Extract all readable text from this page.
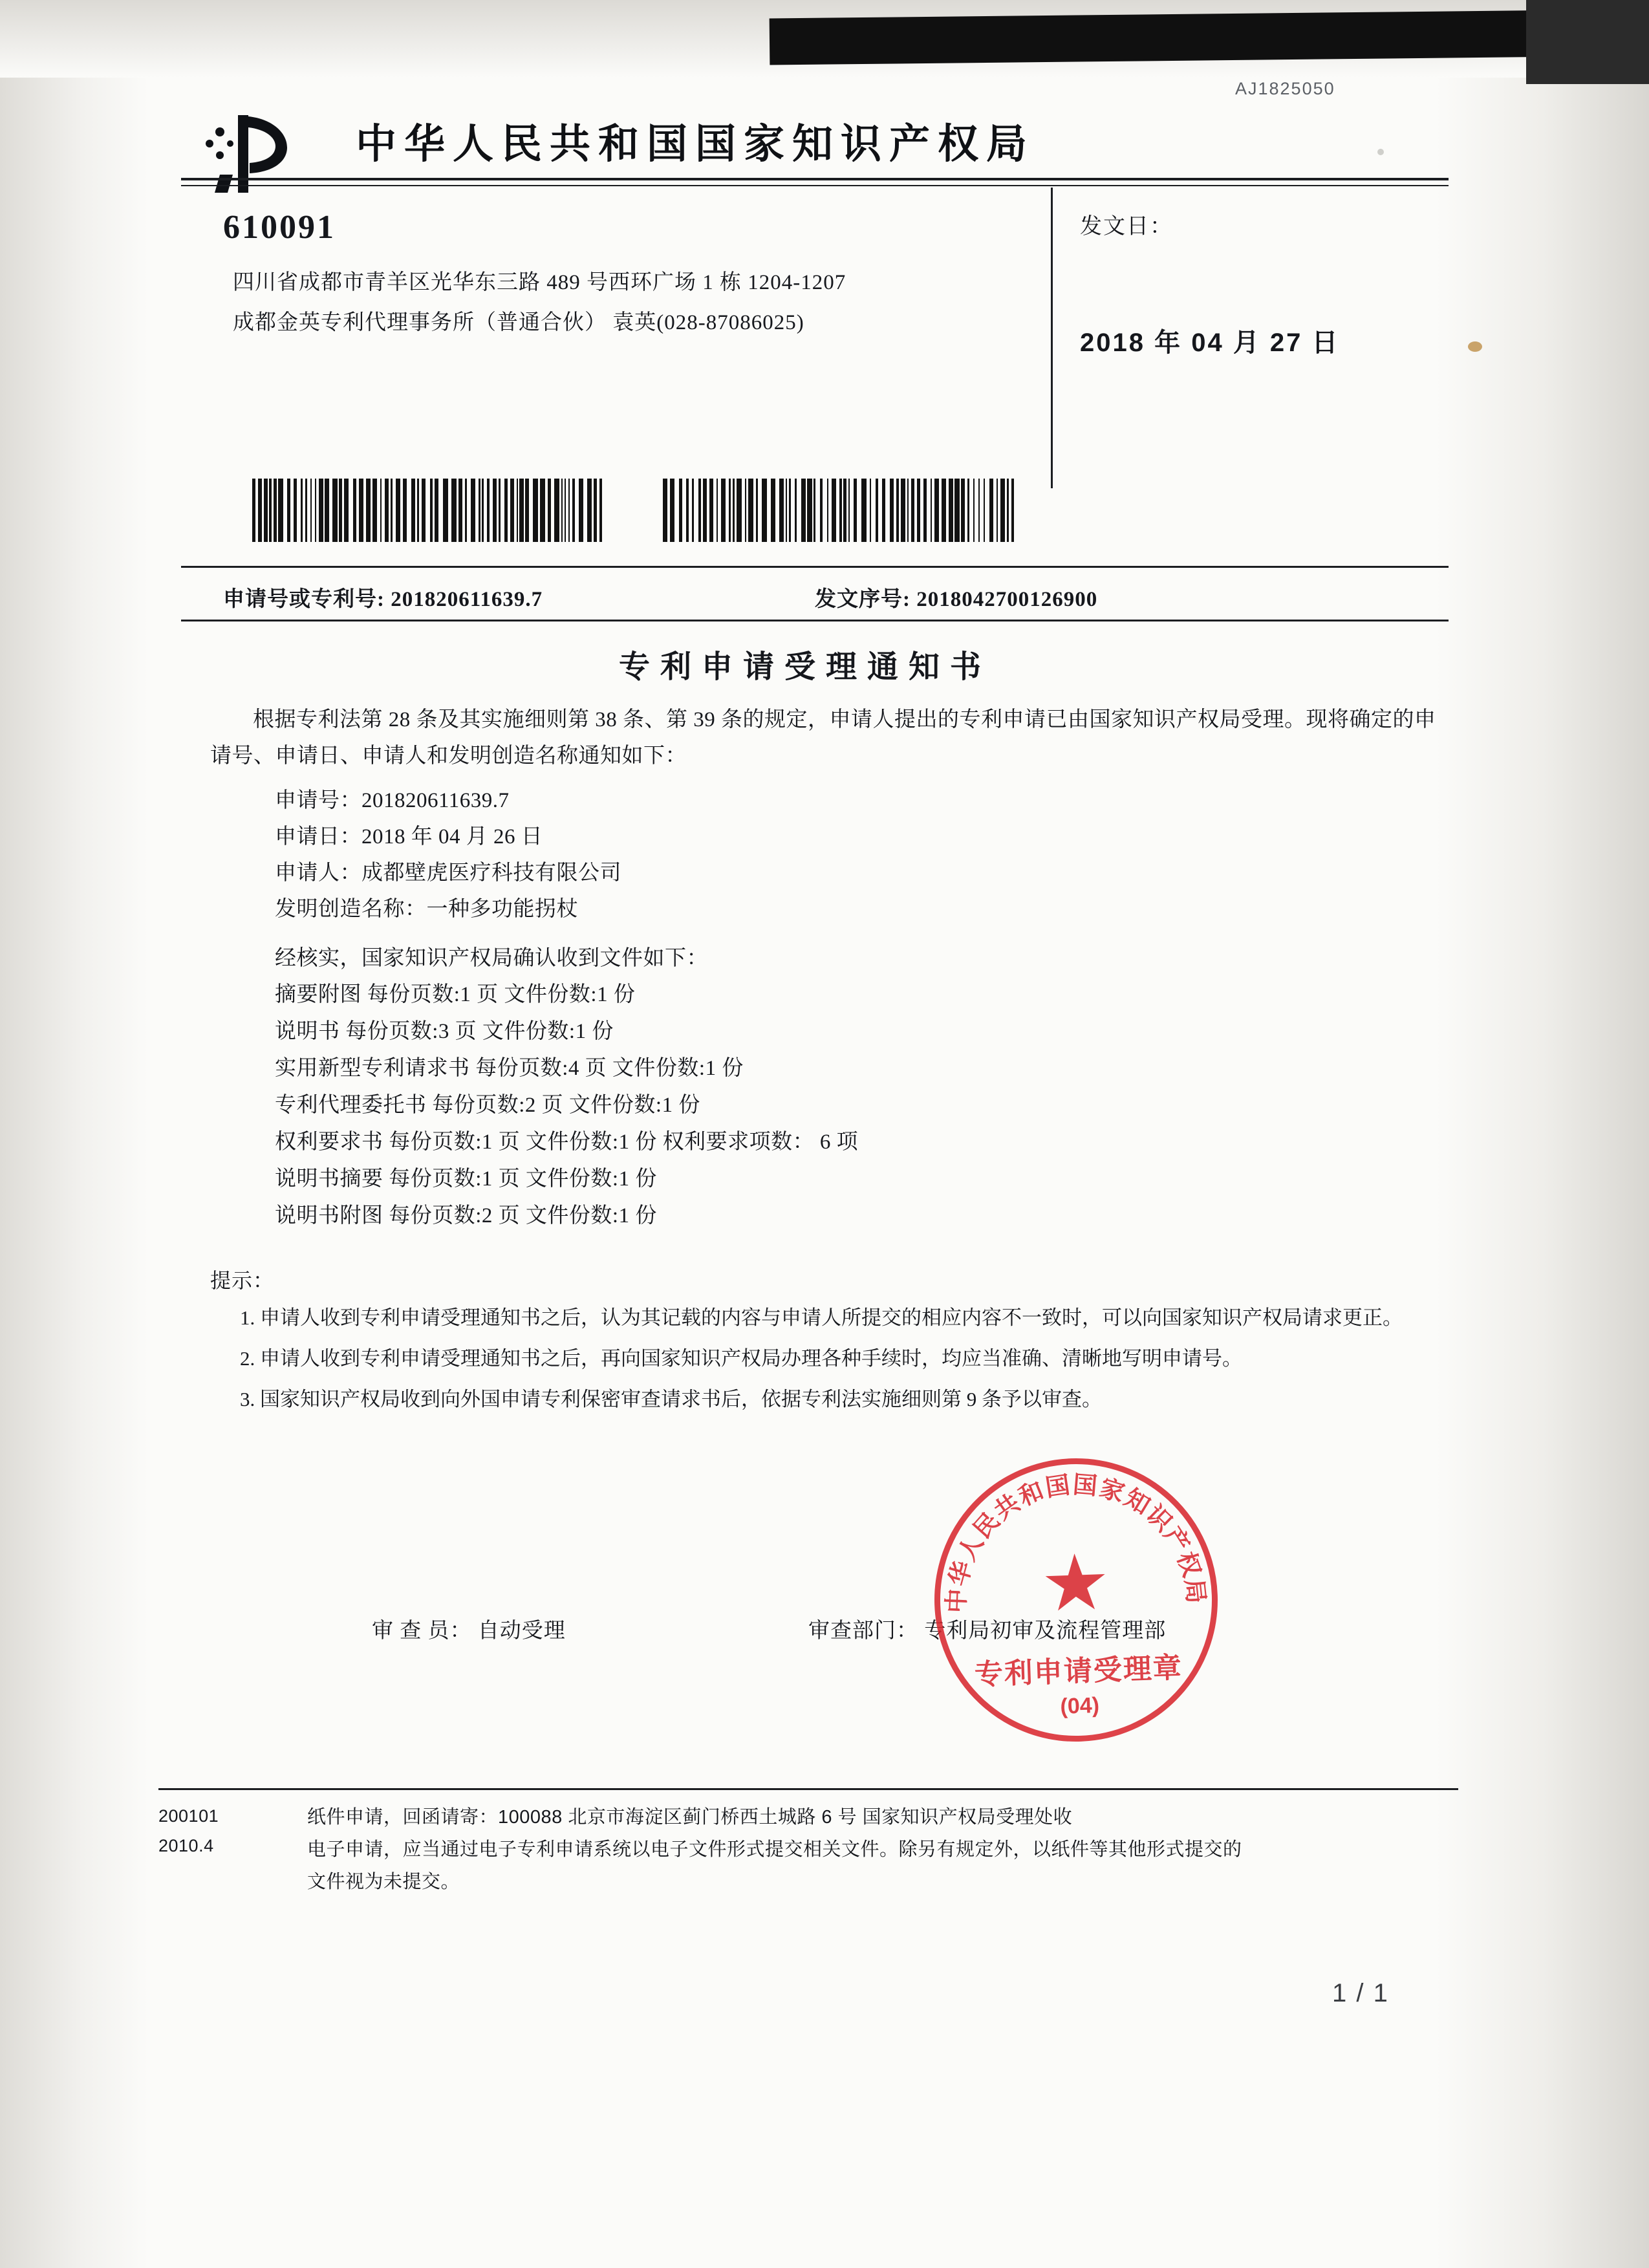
AJ1825050
中华人民共和国国家知识产权局
610091
四川省成都市青羊区光华东三路 489 号西环广场 1 栋 1204-1207
成都金英专利代理事务所（普通合伙） 袁英(028-87086025)
发文日：
2018 年 04 月 27 日
申请号或专利号: 201820611639.7	发文序号: 2018042700126900
专利申请受理通知书
根据专利法第 28 条及其实施细则第 38 条、第 39 条的规定，申请人提出的专利申请已由国家知识产权局受理。现将确定的申请号、申请日、申请人和发明创造名称通知如下：
申请号：201820611639.7
申请日：2018 年 04 月 26 日
申请人：成都壁虎医疗科技有限公司
发明创造名称：一种多功能拐杖
经核实，国家知识产权局确认收到文件如下：
摘要附图 每份页数:1 页 文件份数:1 份
说明书 每份页数:3 页 文件份数:1 份
实用新型专利请求书 每份页数:4 页 文件份数:1 份
专利代理委托书 每份页数:2 页 文件份数:1 份
权利要求书 每份页数:1 页 文件份数:1 份 权利要求项数： 6 项
说明书摘要 每份页数:1 页 文件份数:1 份
说明书附图 每份页数:2 页 文件份数:1 份
提示：
1. 申请人收到专利申请受理通知书之后，认为其记载的内容与申请人所提交的相应内容不一致时，可以向国家知识产权局请求更正。
2. 申请人收到专利申请受理通知书之后，再向国家知识产权局办理各种手续时，均应当准确、清晰地写明申请号。
3. 国家知识产权局收到向外国申请专利保密审查请求书后，依据专利法实施细则第 9 条予以审查。
审 查 员： 自动受理	审查部门： 专利局初审及流程管理部
中华人民共和国国家知识产权局
★
专利申请受理章
(04)
200101
2010.4
纸件申请，回函请寄：100088 北京市海淀区蓟门桥西土城路 6 号 国家知识产权局受理处收
电子申请，应当通过电子专利申请系统以电子文件形式提交相关文件。除另有规定外，以纸件等其他形式提交的
文件视为未提交。
1 / 1
